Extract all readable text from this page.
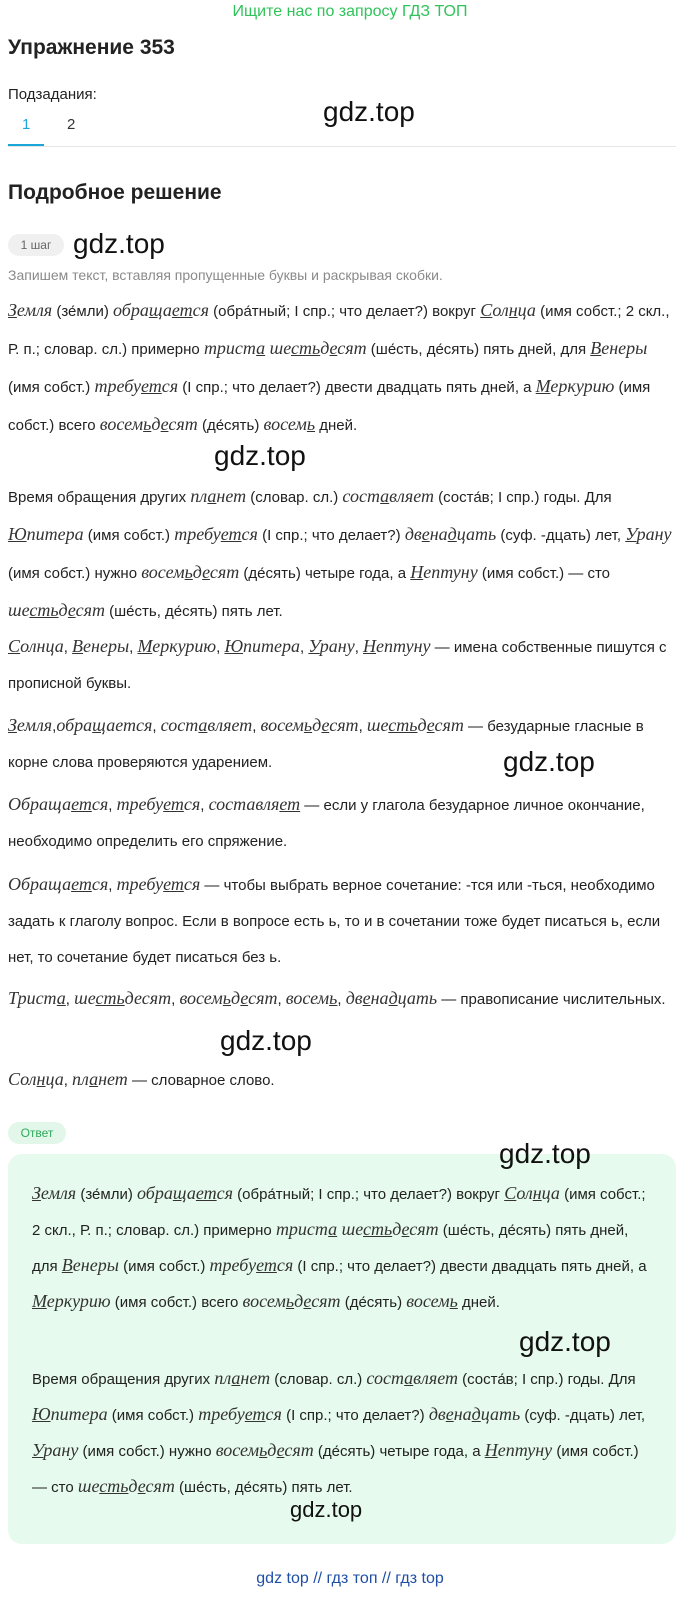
Ищите нас по запросу ГДЗ ТОП
Упражнение 353
Подзадания:
1 2	gdz.top
Подробное решение
1 шаг gdz.top
Запишем текст, вставляя пропущенные буквы и раскрывая скобки.
Земля (зе́мли) обращается (обра́тный; I спр.; что делает?) вокруг Солнца (имя собст.; 2 скл., Р. п.; словар. сл.) примерно триста шестьдесят (ше́сть, де́сять) пять дней, для Венеры (имя собст.) требуется (I спр.; что делает?) двести двадцать пять дней, а Меркурию (имя собст.) всего восемьдесят (де́сять) восемь дней.
gdz.top
Время обращения других планет (словар. сл.) составляет (соста́в; I спр.) годы. Для Юпитера (имя собст.) требуется (I спр.; что делает?) двенадцать (суф. -дцать) лет, Урану (имя собст.) нужно восемьдесят (де́сять) четыре года, а Нептуну (имя собст.) — сто шестьдесят (ше́сть, де́сять) пять лет.
Солнца, Венеры, Меркурию, Юпитера, Урану, Нептуну — имена собственные пишутся с прописной буквы.
Земля,обращается, составляет, восемьдесят, шестьдесят — безударные гласные в корне слова проверяются ударением.	gdz.top
Обращается, требуется, составляет — если у глагола безударное личное окончание, необходимо определить его спряжение.
Обращается, требуется — чтобы выбрать верное сочетание: -тся или -ться, необходимо задать к глаголу вопрос. Если в вопросе есть ь, то и в сочетании тоже будет писаться ь, если нет, то сочетание будет писаться без ь.
Триста, шестьдесят, восемьдесят, восемь, двенадцать — правописание числительных.
gdz.top
Солнца, планет — словарное слово.
Ответ
gdz.top
Земля (зе́мли) обращается (обра́тный; I спр.; что делает?) вокруг Солнца (имя собст.; 2 скл., Р. п.; словар. сл.) примерно триста шестьдесят (ше́сть, де́сять) пять дней, для Венеры (имя собст.) требуется (I спр.; что делает?) двести двадцать пять дней, а Меркурию (имя собст.) всего восемьдесят (де́сять) восемь дней.
gdz.top
Время обращения других планет (словар. сл.) составляет (соста́в; I спр.) годы. Для Юпитера (имя собст.) требуется (I спр.; что делает?) двенадцать (суф. -дцать) лет, Урану (имя собст.) нужно восемьдесят (де́сять) четыре года, а Нептуну (имя собст.) — сто шестьдесят (ше́сть, де́сять) пять лет.
gdz.top
gdz top // гдз топ // гдз top
